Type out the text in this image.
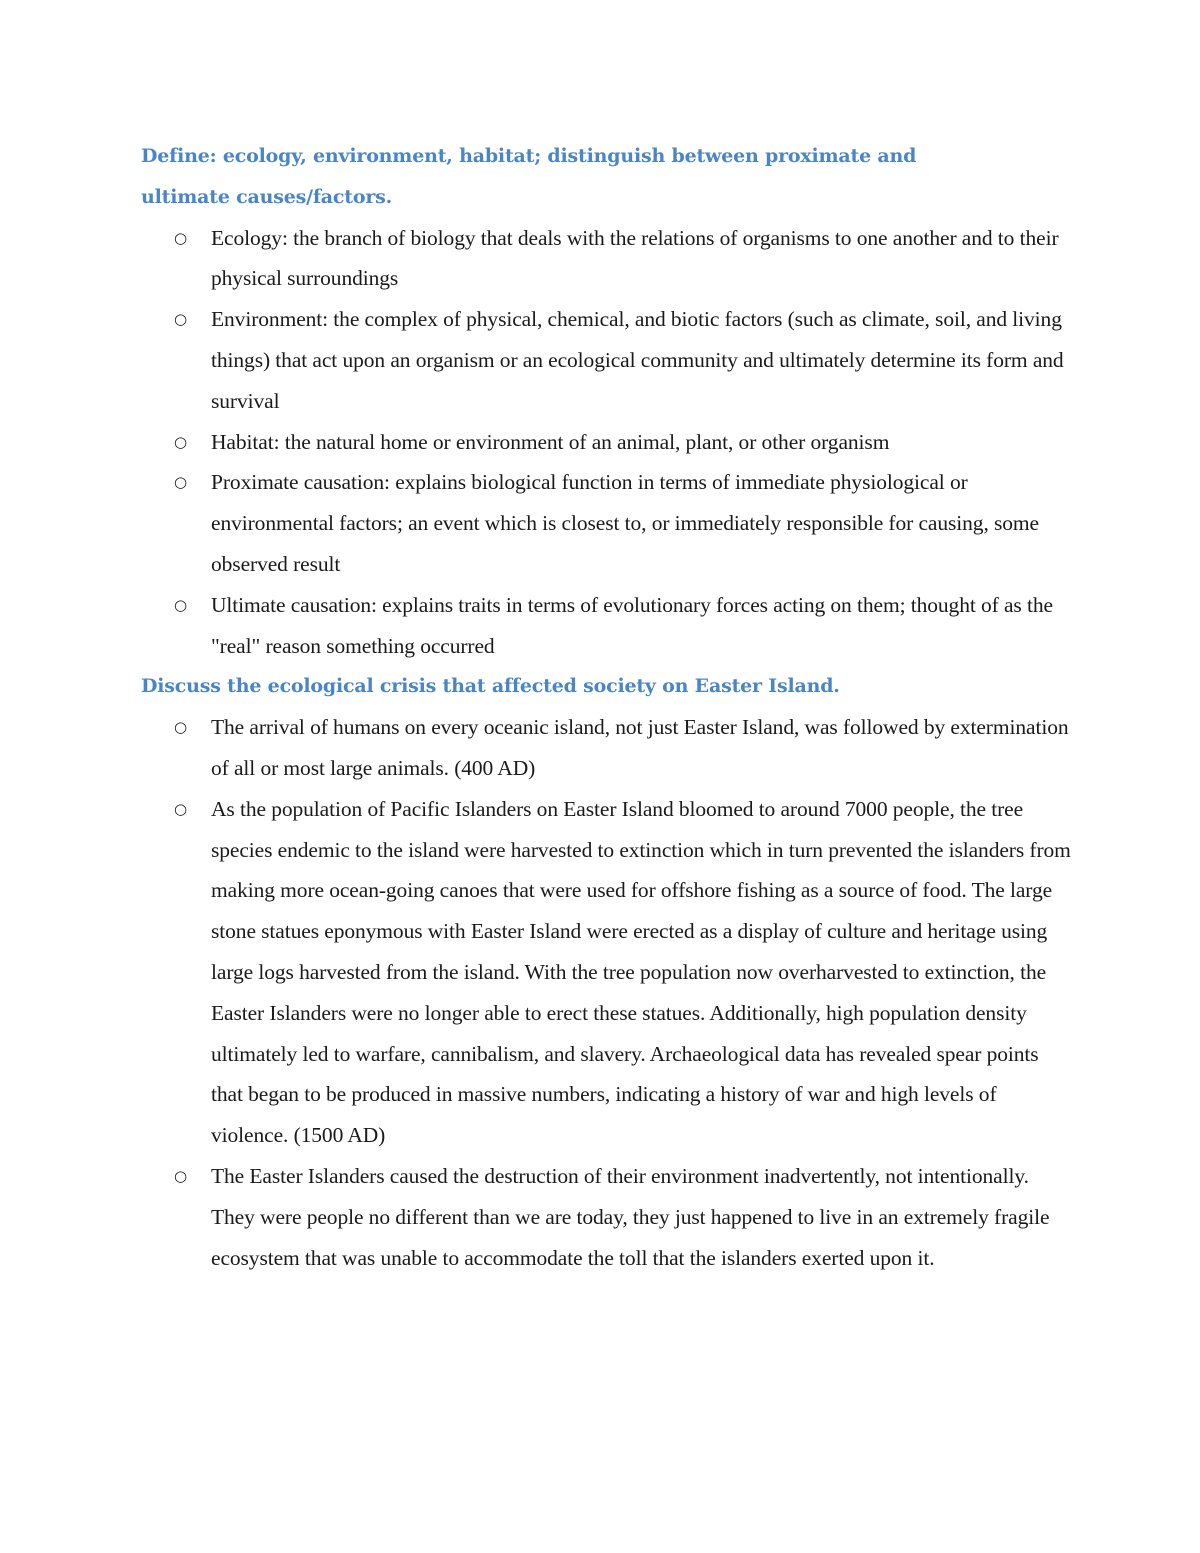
Define: ecology, environment, habitat; distinguish between proximate and
ultimate causes/factors.
○ Ecology: the branch of biology that deals with the relations of organisms to one another and to their physical surroundings
○ Environment: the complex of physical, chemical, and biotic factors (such as climate, soil, and living things) that act upon an organism or an ecological community and ultimately determine its form and survival
○ Habitat: the natural home or environment of an animal, plant, or other organism
○ Proximate causation: explains biological function in terms of immediate physiological or environmental factors; an event which is closest to, or immediately responsible for causing, some observed result
○ Ultimate causation: explains traits in terms of evolutionary forces acting on them; thought of as the "real" reason something occurred
Discuss the ecological crisis that affected society on Easter Island.
○ The arrival of humans on every oceanic island, not just Easter Island, was followed by extermination of all or most large animals. (400 AD)
○ As the population of Pacific Islanders on Easter Island bloomed to around 7000 people, the tree species endemic to the island were harvested to extinction which in turn prevented the islanders from making more ocean-going canoes that were used for offshore fishing as a source of food. The large stone statues eponymous with Easter Island were erected as a display of culture and heritage using large logs harvested from the island. With the tree population now overharvested to extinction, the Easter Islanders were no longer able to erect these statues. Additionally, high population density ultimately led to warfare, cannibalism, and slavery. Archaeological data has revealed spear points that began to be produced in massive numbers, indicating a history of war and high levels of violence. (1500 AD)
○ The Easter Islanders caused the destruction of their environment inadvertently, not intentionally. They were people no different than we are today, they just happened to live in an extremely fragile ecosystem that was unable to accommodate the toll that the islanders exerted upon it.
